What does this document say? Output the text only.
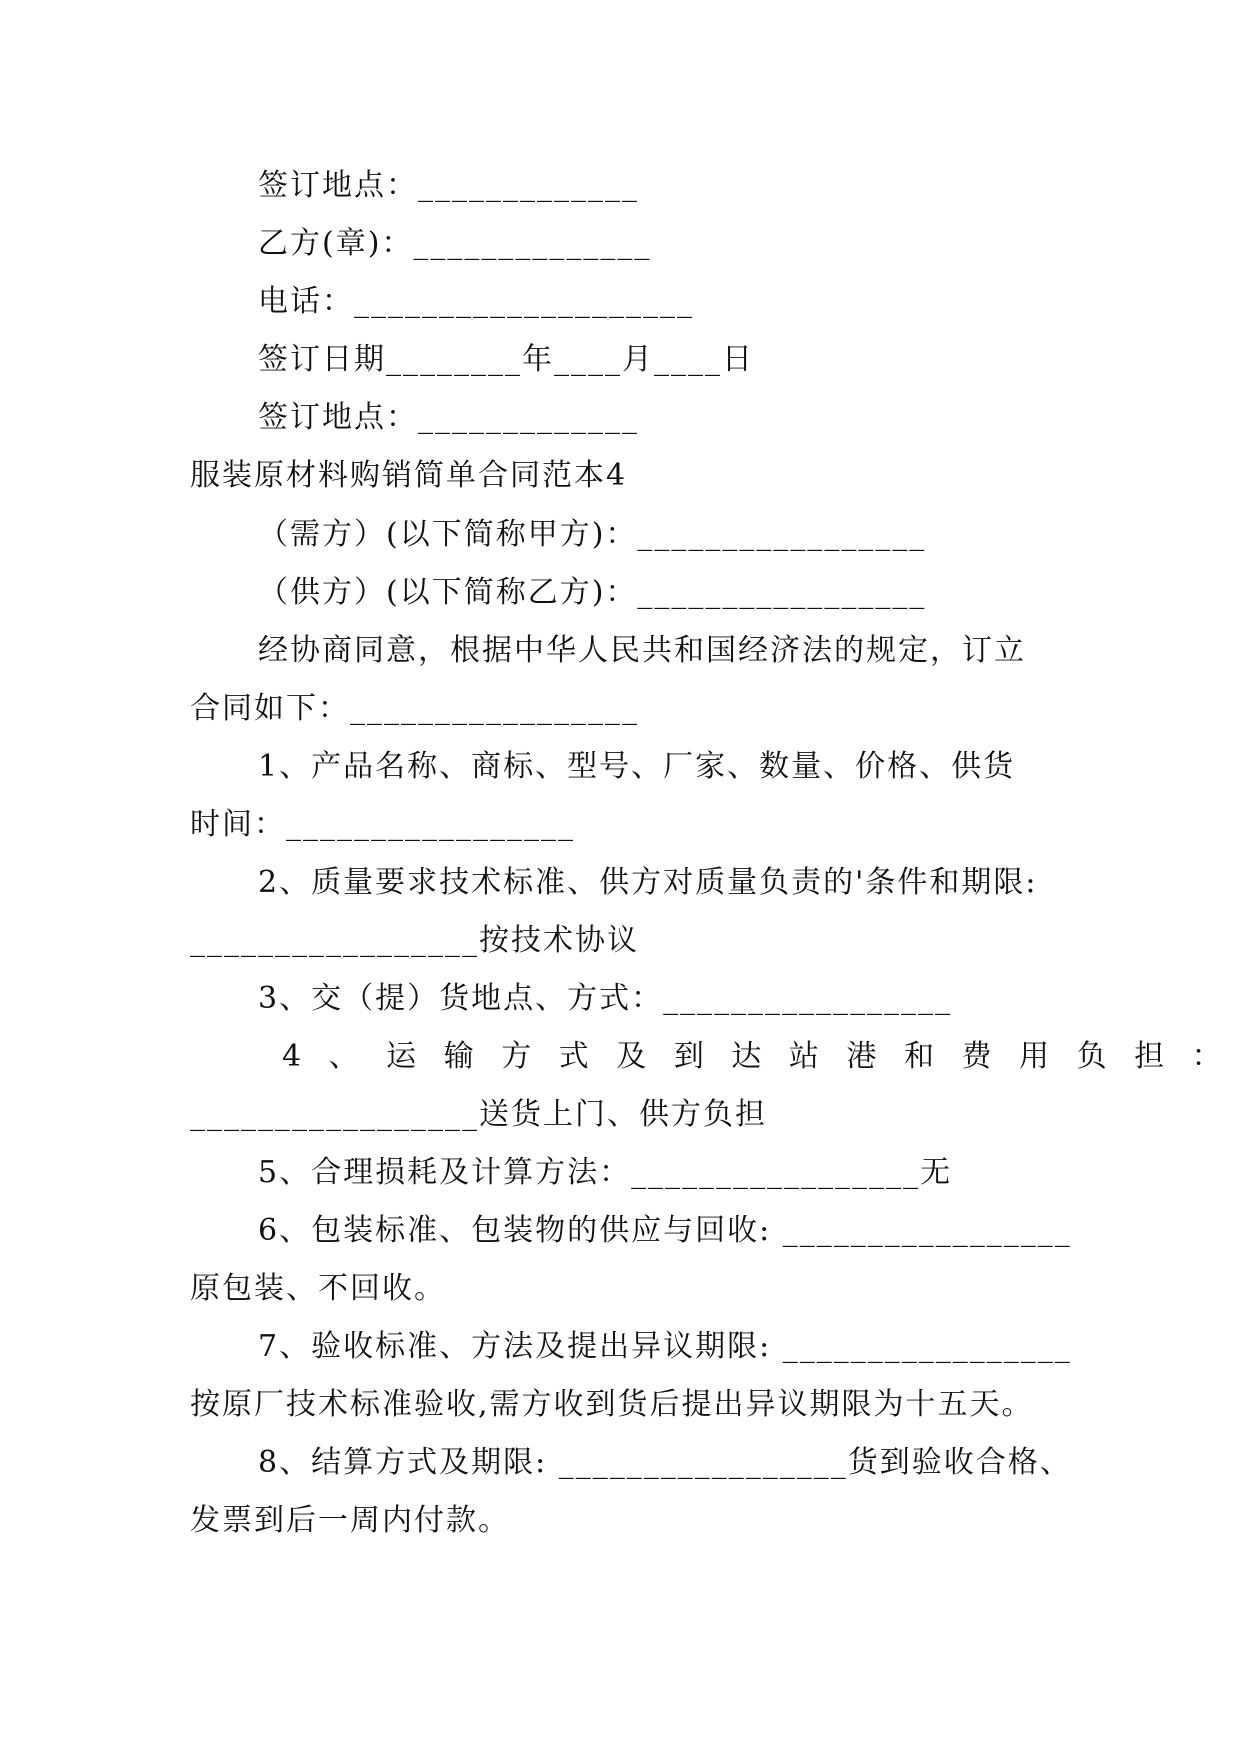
签订地点：_____________
乙方(章)：______________
电话：____________________
签订日期________年____月____日
签订地点：_____________
服装原材料购销简单合同范本4
（需方）(以下简称甲方)：_________________
（供方）(以下简称乙方)：_________________
经协商同意，根据中华人民共和国经济法的规定，订立
合同如下：_________________
1、产品名称、商标、型号、厂家、数量、价格、供货
时间：_________________
2、质量要求技术标准、供方对质量负责的'条件和期限:
_________________按技术协议
3、交（提）货地点、方式：_________________
4 、 运 输 方 式 及 到 达 站 港 和 费 用 负 担 ：
_________________送货上门、供方负担
5、合理损耗及计算方法：_________________无
6、包装标准、包装物的供应与回收: _________________
原包装、不回收。
7、验收标准、方法及提出异议期限: _________________
按原厂技术标准验收,需方收到货后提出异议期限为十五天。
8、结算方式及期限: _________________货到验收合格、
发票到后一周内付款。
